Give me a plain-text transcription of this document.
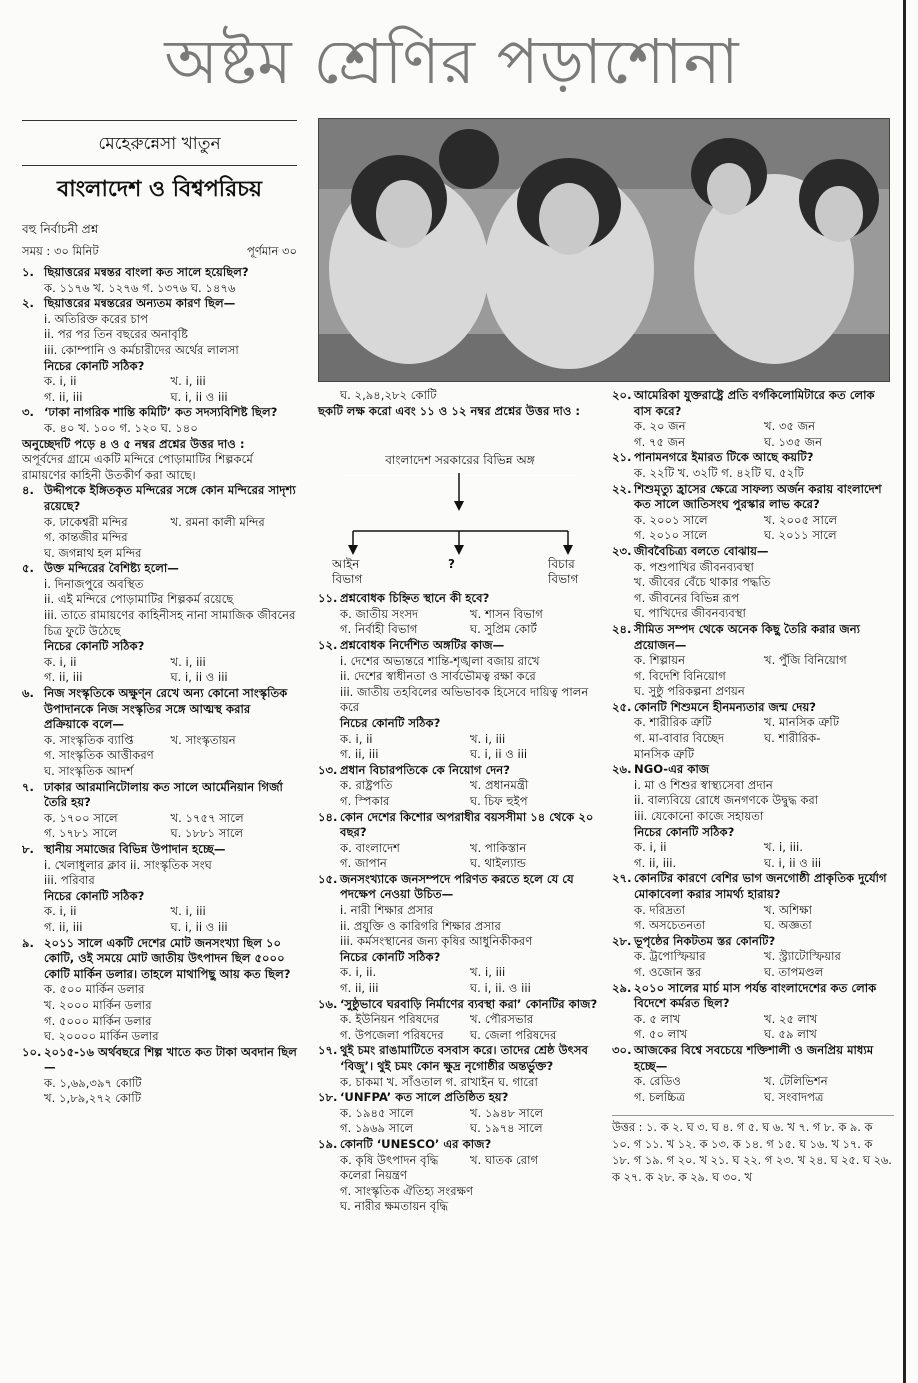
অষ্টম শ্রেণির পড়াশোনা
মেহেরুন্নেসা খাতুন
বাংলাদেশ ও বিশ্বপরিচয়
বহু নির্বাচনী প্রশ্ন
সময় : ৩০ মিনিট	পূর্ণমান ৩০
১. ছিয়াত্তরের মন্বন্তর বাংলা কত সালে হয়েছিল?
ক. ১১৭৬ খ. ১২৭৬ গ. ১৩৭৬ ঘ. ১৪৭৬
২. ছিয়াত্তরের মন্বন্তরের অন্যতম কারণ ছিল—
i. অতিরিক্ত করের চাপ
ii. পর পর তিন বছরের অনাবৃষ্টি
iii. কোম্পানি ও কর্মচারীদের অর্থের লালসা
নিচের কোনটি সঠিক?
ক. i, ii	খ. i, iii
গ. ii, iii	ঘ. i, ii ও iii
৩. ‘ঢাকা নাগরিক শান্তি কমিটি’ কত সদস্যবিশিষ্ট ছিল?
ক. ৪০ খ. ১০০ গ. ১২০ ঘ. ১৪০
অনুচ্ছেদটি পড়ে ৪ ও ৫ নম্বর প্রশ্নের উত্তর দাও :
অপূর্বদের গ্রামে একটি মন্দিরে পোড়ামাটির শিল্পকর্মে রামায়ণের কাহিনী উতকীর্ণ করা আছে।
৪. উদ্দীপকে ইঙ্গিতকৃত মন্দিরের সঙ্গে কোন মন্দিরের সাদৃশ্য রয়েছে?
ক. ঢাকেশ্বরী মন্দির	খ. রমনা কালী মন্দির
গ. কান্তজীর মন্দির
ঘ. জগন্নাথ হল মন্দির
৫. উক্ত মন্দিরের বৈশিষ্ট্য হলো—
i. দিনাজপুরে অবস্থিত
ii. এই মন্দিরে পোড়ামাটির শিল্পকর্ম রয়েছে
iii. তাতে রামায়ণের কাহিনীসহ নানা সামাজিক জীবনের চিত্র ফুটে উঠেছে
নিচের কোনটি সঠিক?
ক. i, ii	খ. i, iii
গ. ii, iii	ঘ. i, ii ও iii
৬. নিজ সংস্কৃতিকে অক্ষুণ্ন রেখে অন্য কোনো সাংস্কৃতিক উপাদানকে নিজ সংস্কৃতির সঙ্গে আত্মস্থ করার প্রক্রিয়াকে বলে—
ক. সাংস্কৃতিক ব্যাপ্তি	খ. সাংস্কৃতায়ন
গ. সাংস্কৃতিক আত্তীকরণ
ঘ. সাংস্কৃতিক আদর্শ
৭. ঢাকার আরমানিটোলায় কত সালে আর্মেনিয়ান গির্জা তৈরি হয়?
ক. ১৭০০ সালে	খ. ১৭৫৭ সালে
গ. ১৭৮১ সালে	ঘ. ১৮৮১ সালে
৮. স্থানীয় সমাজের বিভিন্ন উপাদান হচ্ছে—
i. খেলাধুলার ক্লাব ii. সাংস্কৃতিক সংঘ
iii. পরিবার
নিচের কোনটি সঠিক?
ক. i, ii	খ. i, iii
গ. ii, iii	ঘ. i, ii ও iii
৯. ২০১১ সালে একটি দেশের মোট জনসংখ্যা ছিল ১০ কোটি, ওই সময়ে মোট জাতীয় উৎপাদন ছিল ৫০০০ কোটি মার্কিন ডলার। তাহলে মাথাপিছু আয় কত ছিল?
ক. ৫০০ মার্কিন ডলার
খ. ২০০০ মার্কিন ডলার
গ. ৫০০০ মার্কিন ডলার
ঘ. ২০০০০ মার্কিন ডলার
১০. ২০১৫-১৬ অর্থবছরে শিল্প খাতে কত টাকা অবদান ছিল—
ক. ১,৬৯,৩৯৭ কোটি
খ. ১,৮৯,২৭২ কোটি
ঘ. ২,৯৪,২৮২ কোটি
ছকটি লক্ষ করো এবং ১১ ও ১২ নম্বর প্রশ্নের উত্তর দাও :
বাংলাদেশ সরকারের বিভিন্ন অঙ্গ
আইন বিভাগ
?	বিচার বিভাগ
১১. প্রশ্নবোধক চিহ্নিত স্থানে কী হবে?
ক. জাতীয় সংসদ	খ. শাসন বিভাগ
গ. নির্বাহী বিভাগ	ঘ. সুপ্রিম কোর্ট
১২. প্রশ্নবোধক নির্দেশিত অঙ্গটির কাজ—
i. দেশের অভ্যন্তরে শান্তি-শৃঙ্খলা বজায় রাখে
ii. দেশের স্বাধীনতা ও সার্বভৌমত্ব রক্ষা করে
iii. জাতীয় তহবিলের অভিভাবক হিসেবে দায়িত্ব পালন করে
নিচের কোনটি সঠিক?
ক. i, ii	খ. i, iii
গ. ii, iii	ঘ. i, ii ও iii
১৩. প্রধান বিচারপতিকে কে নিয়োগ দেন?
ক. রাষ্ট্রপতি	খ. প্রধানমন্ত্রী
গ. স্পিকার	ঘ. চিফ হুইপ
১৪. কোন দেশের কিশোর অপরাধীর বয়সসীমা ১৪ থেকে ২০ বছর?
ক. বাংলাদেশ	খ. পাকিস্তান
গ. জাপান	ঘ. থাইল্যান্ড
১৫. জনসংখ্যাকে জনসম্পদে পরিণত করতে হলে যে যে পদক্ষেপ নেওয়া উচিত—
i. নারী শিক্ষার প্রসার
ii. প্রযুক্তি ও কারিগরি শিক্ষার প্রসার
iii. কর্মসংস্থানের জন্য কৃষির আধুনিকীকরণ
নিচের কোনটি সঠিক?
ক. i, ii.	খ. i, iii
গ. ii, iii	ঘ. i, ii. ও iii
১৬. ‘সুষ্ঠুভাবে ঘরবাড়ি নির্মাণের ব্যবস্থা করা’ কোনটির কাজ?
ক. ইউনিয়ন পরিষদের	খ. পৌরসভার
গ. উপজেলা পরিষদের	ঘ. জেলা পরিষদের
১৭. থুই চমং রাঙামাটিতে বসবাস করে। তাদের শ্রেষ্ঠ উৎসব ‘বিজু’। থুই চমং কোন ক্ষুদ্র নৃগোষ্ঠীর অন্তর্ভুক্ত?
ক. চাকমা খ. সাঁওতাল গ. রাখাইন ঘ. গারো
১৮. ‘UNFPA’ কত সালে প্রতিষ্ঠিত হয়?
ক. ১৯৪৫ সালে	খ. ১৯৪৮ সালে
গ. ১৯৬৯ সালে	ঘ. ১৯৭৪ সালে
১৯. কোনটি ‘UNESCO’ এর কাজ?
ক. কৃষি উৎপাদন বৃদ্ধি	খ. ঘাতক রোগ
কলেরা নিয়ন্ত্রণ
গ. সাংস্কৃতিক ঐতিহ্য সংরক্ষণ
ঘ. নারীর ক্ষমতায়ন বৃদ্ধি
২০. আমেরিকা যুক্তরাষ্ট্রে প্রতি বর্গকিলোমিটারে কত লোক বাস করে?
ক. ২০ জন	খ. ৩৫ জন
গ. ৭৫ জন	ঘ. ১৩৫ জন
২১. পানামনগরে ইমারত টিকে আছে কয়টি?
ক. ২২টি খ. ৩২টি গ. ৪২টি ঘ. ৫২টি
২২. শিশুমৃত্যু হ্রাসের ক্ষেত্রে সাফল্য অর্জন করায় বাংলাদেশ কত সালে জাতিসংঘ পুরস্কার লাভ করে?
ক. ২০০১ সালে	খ. ২০০৫ সালে
গ. ২০১০ সালে	ঘ. ২০১১ সালে
২৩. জীববৈচিত্র্য বলতে বোঝায়—
ক. পশুপাখির জীবনব্যবস্থা
খ. জীবের বেঁচে থাকার পদ্ধতি
গ. জীবনের বিভিন্ন রূপ
ঘ. পাখিদের জীবনব্যবস্থা
২৪. সীমিত সম্পদ থেকে অনেক কিছু তৈরি করার জন্য প্রয়োজন—
ক. শিল্পায়ন	খ. পুঁজি বিনিয়োগ
গ. বিদেশি বিনিয়োগ
ঘ. সুষ্ঠু পরিকল্পনা প্রণয়ন
২৫. কোনটি শিশুমনে হীনমন্যতার জন্ম দেয়?
ক. শারীরিক ত্রুটি	খ. মানসিক ত্রুটি
গ. মা-বাবার বিচ্ছেদ	ঘ. শারীরিক-
মানসিক ত্রুটি
২৬. NGO-এর কাজ
i. মা ও শিশুর স্বাস্থ্যসেবা প্রদান
ii. বাল্যবিয়ে রোধে জনগণকে উদ্বুদ্ধ করা
iii. যেকোনো কাজে সহায়তা
নিচের কোনটি সঠিক?
ক. i, ii	খ. i, iii.
গ. ii, iii.	ঘ. i, ii ও iii
২৭. কোনটির কারণে বেশির ভাগ জনগোষ্ঠী প্রাকৃতিক দুর্যোগ মোকাবেলা করার সামর্থ্য হারায়?
ক. দরিদ্রতা	খ. অশিক্ষা
গ. অসচেতনতা	ঘ. অজ্ঞতা
২৮. ভূপৃষ্ঠের নিকটতম স্তর কোনটি?
ক. ট্রপোস্ফিয়ার	খ. স্ট্র্যাটোস্ফিয়ার
গ. ওজোন স্তর	ঘ. তাপমণ্ডল
২৯. ২০১০ সালের মার্চ মাস পর্যন্ত বাংলাদেশের কত লোক বিদেশে কর্মরত ছিল?
ক. ৫ লাখ	খ. ২৫ লাখ
গ. ৫০ লাখ	ঘ. ৫৯ লাখ
৩০. আজকের বিশ্বে সবচেয়ে শক্তিশালী ও জনপ্রিয় মাধ্যম হচ্ছে—
ক. রেডিও	খ. টেলিভিশন
গ. চলচ্চিত্র	ঘ. সংবাদপত্র
উত্তর : ১. ক ২. ঘ ৩. ঘ ৪. গ ৫. ঘ ৬. খ ৭. গ ৮. ক ৯. ক ১০. গ ১১. খ ১২. ক ১৩. ক ১৪. গ ১৫. ঘ ১৬. খ ১৭. ক ১৮. গ ১৯. গ ২০. খ ২১. ঘ ২২. গ ২৩. খ ২৪. ঘ ২৫. ঘ ২৬. ক ২৭. ক ২৮. ক ২৯. ঘ ৩০. খ
